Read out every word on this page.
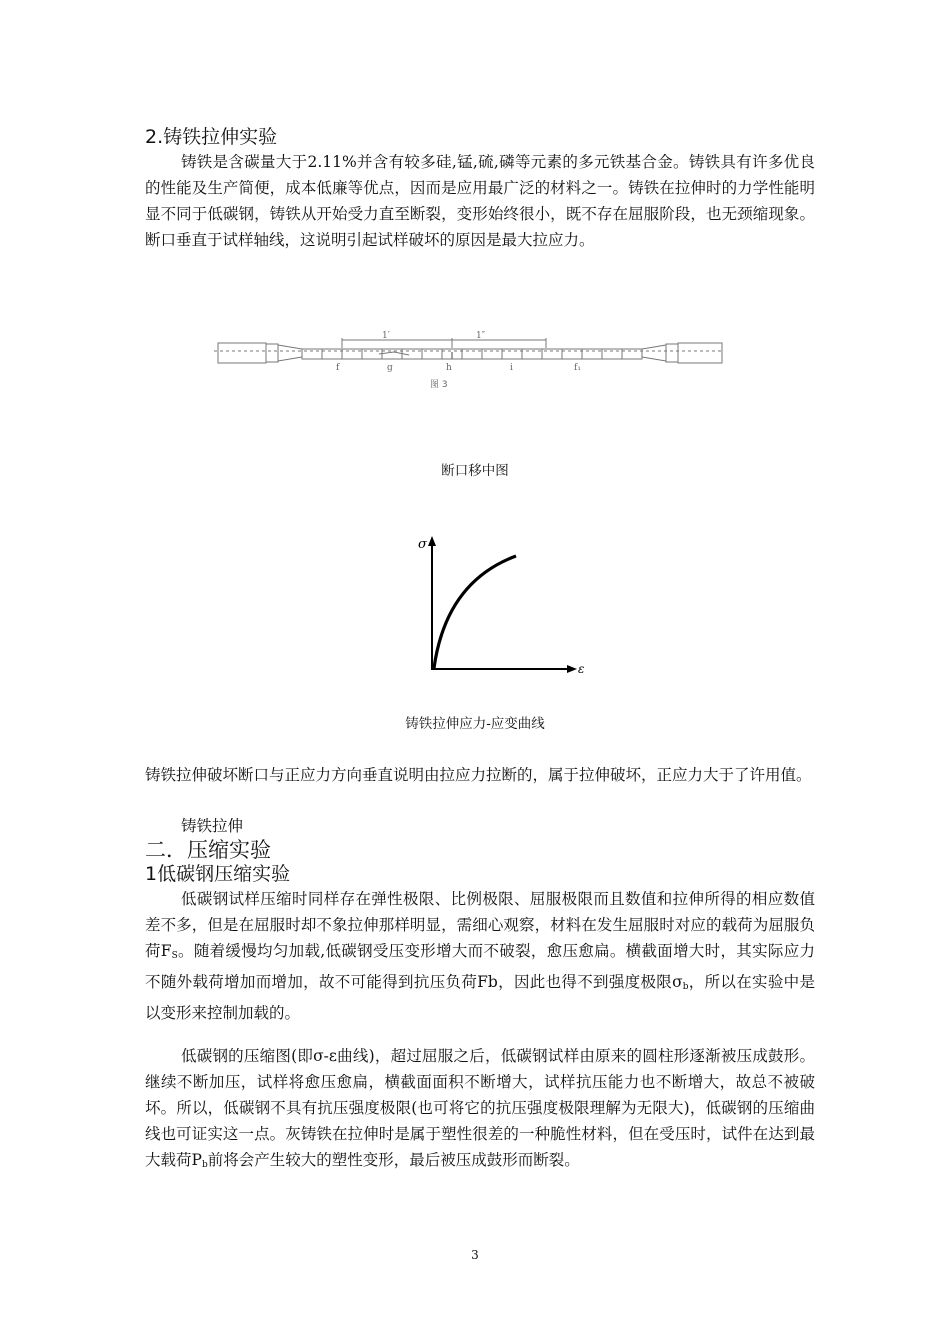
2.铸铁拉伸实验

铸铁是含碳量大于2.11%并含有较多硅,锰,硫,磷等元素的多元铁基合金。铸铁具有许多优良的性能及生产简便，成本低廉等优点，因而是应用最广泛的材料之一。铸铁在拉伸时的力学性能明显不同于低碳钢，铸铁从开始受力直至断裂，变形始终很小，既不存在屈服阶段，也无颈缩现象。断口垂直于试样轴线，这说明引起试样破坏的原因是最大拉应力。

1′	1″
f	g	h	i	f₁
图 3
断口移中图
σ
ε
铸铁拉伸应力-应变曲线

铸铁拉伸破坏断口与正应力方向垂直说明由拉应力拉断的，属于拉伸破坏，正应力大于了许用值。

铸铁拉伸
二．压缩实验
1低碳钢压缩实验

低碳钢试样压缩时同样存在弹性极限、比例极限、屈服极限而且数值和拉伸所得的相应数值差不多，但是在屈服时却不象拉伸那样明显，需细心观察，材料在发生屈服时对应的载荷为屈服负荷$F_S$。随着缓慢均匀加载,低碳钢受压变形增大而不破裂，愈压愈扁。横截面增大时，其实际应力不随外载荷增加而增加，故不可能得到抗压负荷Fb，因此也得不到强度极限$\sigma_b$，所以在实验中是以变形来控制加载的。

低碳钢的压缩图(即σ-ε曲线)，超过屈服之后，低碳钢试样由原来的圆柱形逐渐被压成鼓形。继续不断加压，试样将愈压愈扁，横截面面积不断增大，试样抗压能力也不断增大，故总不被破坏。所以，低碳钢不具有抗压强度极限(也可将它的抗压强度极限理解为无限大)，低碳钢的压缩曲线也可证实这一点。灰铸铁在拉伸时是属于塑性很差的一种脆性材料，但在受压时，试件在达到最大载荷$P_b$前将会产生较大的塑性变形，最后被压成鼓形而断裂。

3
